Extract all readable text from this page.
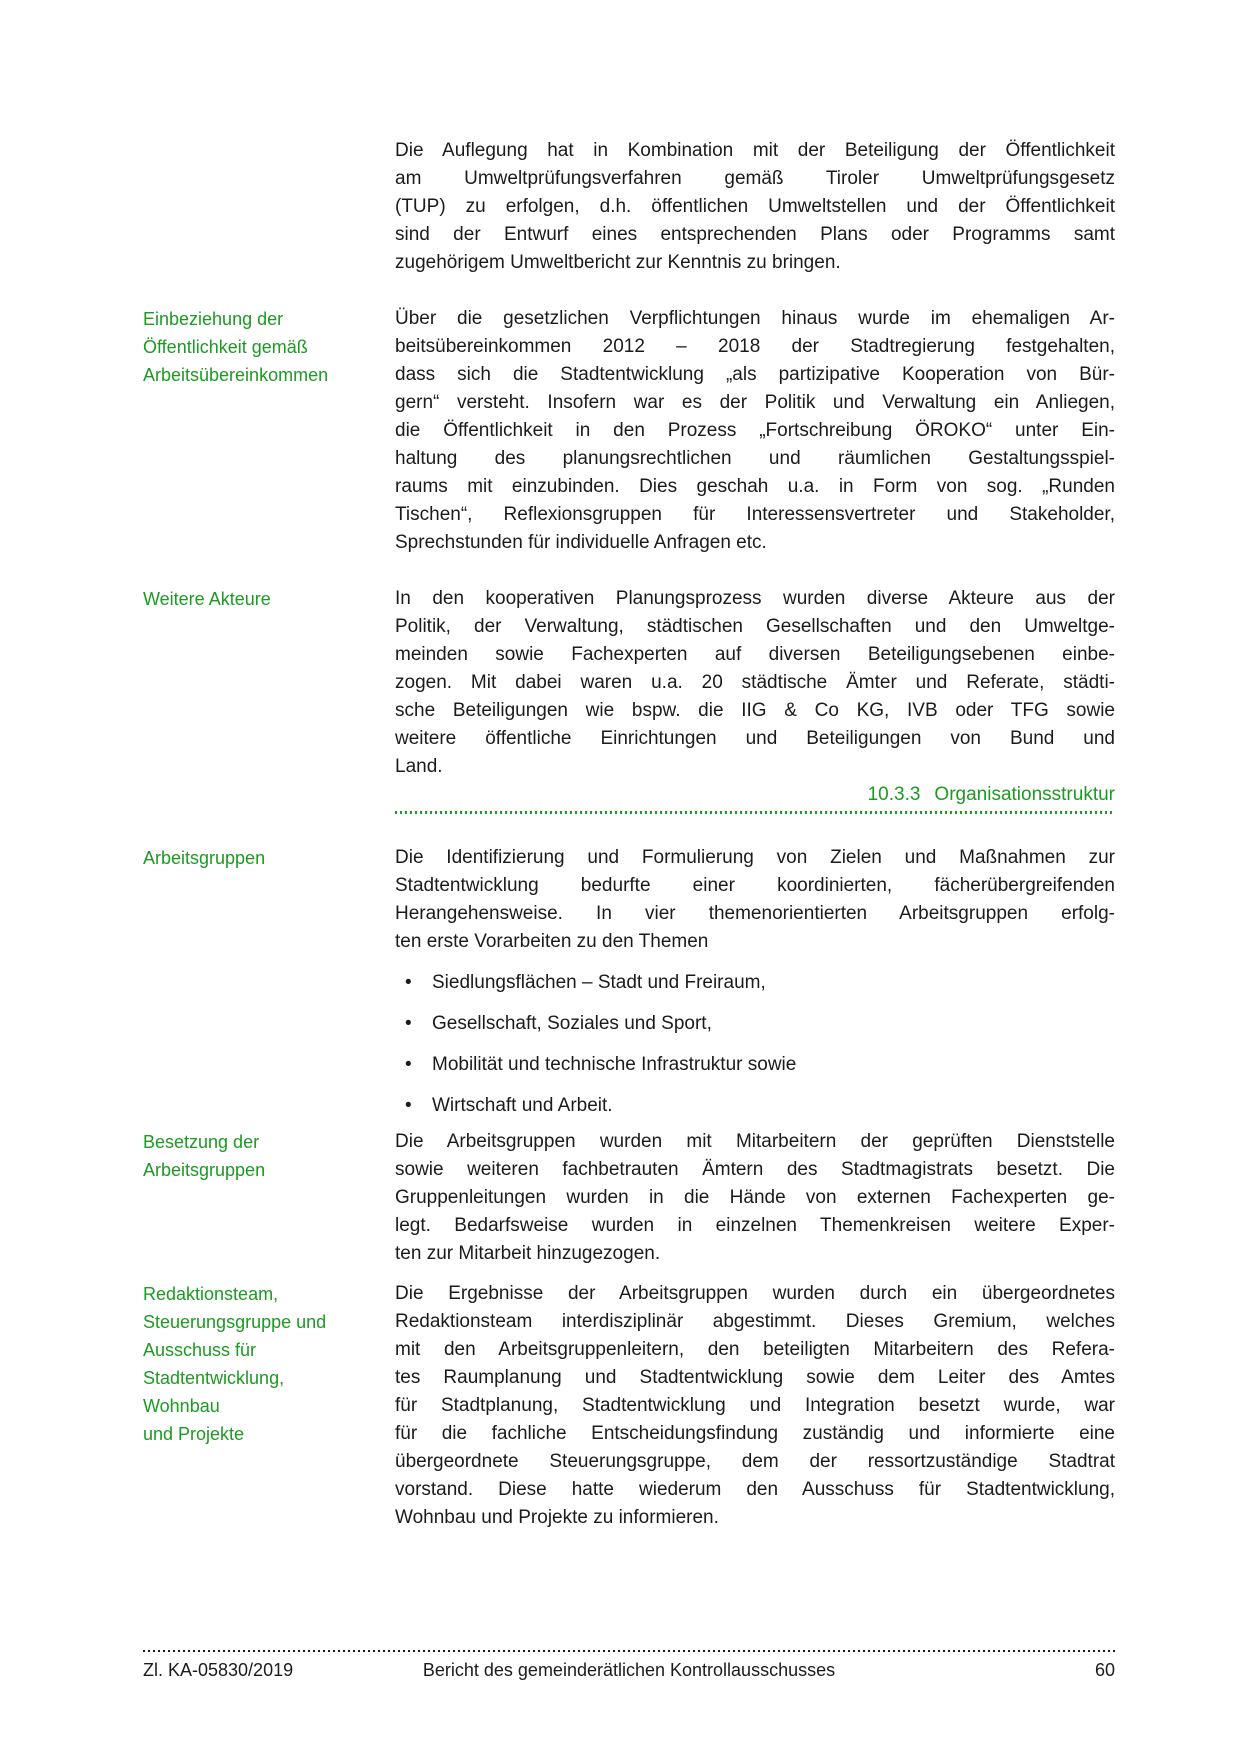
Die Auflegung hat in Kombination mit der Beteiligung der Öffentlichkeit
am Umweltprüfungsverfahren gemäß Tiroler Umweltprüfungsgesetz
(TUP) zu erfolgen, d.h. öffentlichen Umweltstellen und der Öffentlichkeit
sind der Entwurf eines entsprechenden Plans oder Programms samt
zugehörigem Umweltbericht zur Kenntnis zu bringen.
Einbeziehung der
Öffentlichkeit gemäß
Arbeitsübereinkommen
Über die gesetzlichen Verpflichtungen hinaus wurde im ehemaligen Ar-
beitsübereinkommen 2012 – 2018 der Stadtregierung festgehalten,
dass sich die Stadtentwicklung „als partizipative Kooperation von Bür-
gern“ versteht. Insofern war es der Politik und Verwaltung ein Anliegen,
die Öffentlichkeit in den Prozess „Fortschreibung ÖROKO“ unter Ein-
haltung des planungsrechtlichen und räumlichen Gestaltungsspiel-
raums mit einzubinden. Dies geschah u.a. in Form von sog. „Runden
Tischen“, Reflexionsgruppen für Interessensvertreter und Stakeholder,
Sprechstunden für individuelle Anfragen etc.
Weitere Akteure	In den kooperativen Planungsprozess wurden diverse Akteure aus der
Politik, der Verwaltung, städtischen Gesellschaften und den Umweltge-
meinden sowie Fachexperten auf diversen Beteiligungsebenen einbe-
zogen. Mit dabei waren u.a. 20 städtische Ämter und Referate, städti-
sche Beteiligungen wie bspw. die IIG & Co KG, IVB oder TFG sowie
weitere öffentliche Einrichtungen und Beteiligungen von Bund und
Land.
10.3.3 Organisationsstruktur
Arbeitsgruppen	Die Identifizierung und Formulierung von Zielen und Maßnahmen zur
Stadtentwicklung bedurfte einer koordinierten, fächerübergreifenden
Herangehensweise. In vier themenorientierten Arbeitsgruppen erfolg-
ten erste Vorarbeiten zu den Themen
•	Siedlungsflächen – Stadt und Freiraum,
•	Gesellschaft, Soziales und Sport,
•	Mobilität und technische Infrastruktur sowie
•	Wirtschaft und Arbeit.
Besetzung der
Arbeitsgruppen
Die Arbeitsgruppen wurden mit Mitarbeitern der geprüften Dienststelle
sowie weiteren fachbetrauten Ämtern des Stadtmagistrats besetzt. Die
Gruppenleitungen wurden in die Hände von externen Fachexperten ge-
legt. Bedarfsweise wurden in einzelnen Themenkreisen weitere Exper-
ten zur Mitarbeit hinzugezogen.
Redaktionsteam,
Steuerungsgruppe und
Ausschuss für
Stadtentwicklung,
Wohnbau
und Projekte
Die Ergebnisse der Arbeitsgruppen wurden durch ein übergeordnetes
Redaktionsteam interdisziplinär abgestimmt. Dieses Gremium, welches
mit den Arbeitsgruppenleitern, den beteiligten Mitarbeitern des Refera-
tes Raumplanung und Stadtentwicklung sowie dem Leiter des Amtes
für Stadtplanung, Stadtentwicklung und Integration besetzt wurde, war
für die fachliche Entscheidungsfindung zuständig und informierte eine
übergeordnete Steuerungsgruppe, dem der ressortzuständige Stadtrat
vorstand. Diese hatte wiederum den Ausschuss für Stadtentwicklung,
Wohnbau und Projekte zu informieren.
Zl. KA-05830/2019	Bericht des gemeinderätlichen Kontrollausschusses	60
